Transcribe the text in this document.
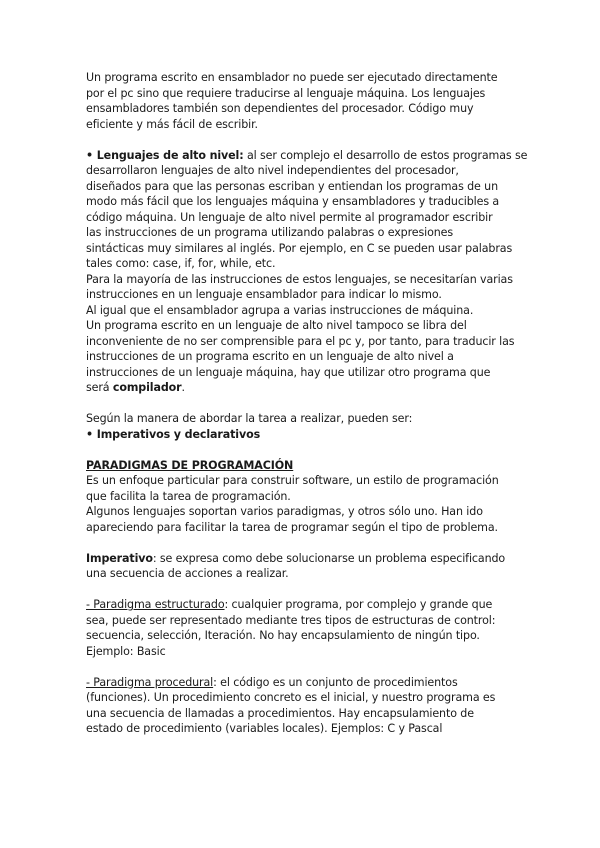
Un programa escrito en ensamblador no puede ser ejecutado directamente
por el pc sino que requiere traducirse al lenguaje máquina. Los lenguajes
ensambladores también son dependientes del procesador. Código muy
eficiente y más fácil de escribir.
• Lenguajes de alto nivel: al ser complejo el desarrollo de estos programas se
desarrollaron lenguajes de alto nivel independientes del procesador,
diseñados para que las personas escriban y entiendan los programas de un
modo más fácil que los lenguajes máquina y ensambladores y traducibles a
código máquina. Un lenguaje de alto nivel permite al programador escribir
las instrucciones de un programa utilizando palabras o expresiones
sintácticas muy similares al inglés. Por ejemplo, en C se pueden usar palabras
tales como: case, if, for, while, etc.
Para la mayoría de las instrucciones de estos lenguajes, se necesitarían varias
instrucciones en un lenguaje ensamblador para indicar lo mismo.
Al igual que el ensamblador agrupa a varias instrucciones de máquina.
Un programa escrito en un lenguaje de alto nivel tampoco se libra del
inconveniente de no ser comprensible para el pc y, por tanto, para traducir las
instrucciones de un programa escrito en un lenguaje de alto nivel a
instrucciones de un lenguaje máquina, hay que utilizar otro programa que
será compilador.
Según la manera de abordar la tarea a realizar, pueden ser:
• Imperativos y declarativos
PARADIGMAS DE PROGRAMACIÓN
Es un enfoque particular para construir software, un estilo de programación
que facilita la tarea de programación.
Algunos lenguajes soportan varios paradigmas, y otros sólo uno. Han ido
apareciendo para facilitar la tarea de programar según el tipo de problema.
Imperativo: se expresa como debe solucionarse un problema especificando
una secuencia de acciones a realizar.
- Paradigma estructurado: cualquier programa, por complejo y grande que
sea, puede ser representado mediante tres tipos de estructuras de control:
secuencia, selección, Iteración. No hay encapsulamiento de ningún tipo.
Ejemplo: Basic
- Paradigma procedural: el código es un conjunto de procedimientos
(funciones). Un procedimiento concreto es el inicial, y nuestro programa es
una secuencia de llamadas a procedimientos. Hay encapsulamiento de
estado de procedimiento (variables locales). Ejemplos: C y Pascal
